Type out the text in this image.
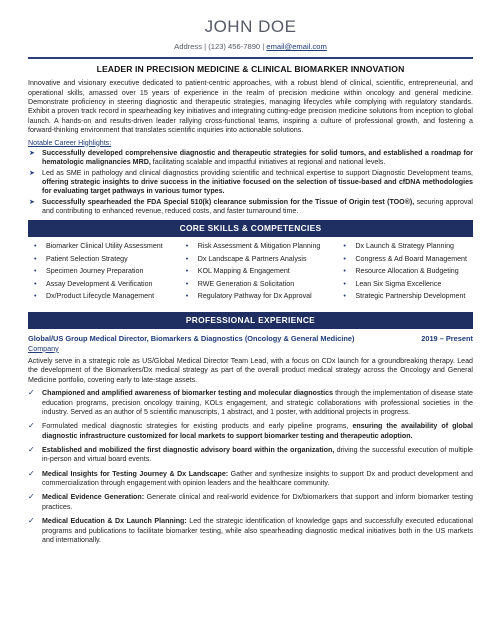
JOHN DOE
Address | (123) 456-7890 | email@email.com
LEADER IN PRECISION MEDICINE & CLINICAL BIOMARKER INNOVATION

Innovative and visionary executive dedicated to patient-centric approaches, with a robust blend of clinical, scientific, entrepreneurial, and operational skills, amassed over 15 years of experience in the realm of precision medicine within oncology and general medicine. Demonstrate proficiency in steering diagnostic and therapeutic strategies, managing lifecycles while complying with regulatory standards. Exhibit a proven track record in spearheading key initiatives and integrating cutting-edge precision medicine solutions from inception to global launch. A hands-on and results-driven leader rallying cross-functional teams, inspiring a culture of professional growth, and fostering a forward-thinking environment that translates scientific inquiries into actionable solutions.

Notable Career Highlights:
➤ Successfully developed comprehensive diagnostic and therapeutic strategies for solid tumors, and established a roadmap for hematologic malignancies MRD, facilitating scalable and impactful initiatives at regional and national levels.
➤ Led as SME in pathology and clinical diagnostics providing scientific and technical expertise to support Diagnostic Development teams, offering strategic insights to drive success in the initiative focused on the selection of tissue-based and cfDNA methodologies for evaluating target pathways in various tumor types.
➤ Successfully spearheaded the FDA Special 510(k) clearance submission for the Tissue of Origin test (TOO®), securing approval and contributing to enhanced revenue, reduced costs, and faster turnaround time.
CORE SKILLS & COMPETENCIES
• Biomarker Clinical Utility Assessment
• Patient Selection Strategy
• Specimen Journey Preparation
• Assay Development & Verification
• Dx/Product Lifecycle Management
• Risk Assessment & Mitigation Planning
• Dx Landscape & Partners Analysis
• KOL Mapping & Engagement
• RWE Generation & Solicitation
• Regulatory Pathway for Dx Approval
• Dx Launch & Strategy Planning
• Congress & Ad Board Management
• Resource Allocation & Budgeting
• Lean Six Sigma Excellence
• Strategic Partnership Development
PROFESSIONAL EXPERIENCE
Global/US Group Medical Director, Biomarkers & Diagnostics (Oncology & General Medicine)	2019 – Present
Company

Actively serve in a strategic role as US/Global Medical Director Team Lead, with a focus on CDx launch for a groundbreaking therapy. Lead the development of the Biomarkers/Dx medical strategy as part of the overall product medical strategy across the Oncology and General Medicine portfolio, covering early to late-stage assets.

✓ Championed and amplified awareness of biomarker testing and molecular diagnostics through the implementation of disease state education programs, precision oncology training, KOLs engagement, and strategic collaborations with professional societies in the industry. Served as an author of 5 scientific manuscripts, 1 abstract, and 1 poster, with additional projects in progress.
✓ Formulated medical diagnostic strategies for existing products and early pipeline programs, ensuring the availability of global diagnostic infrastructure customized for local markets to support biomarker testing and therapeutic adoption.
✓ Established and mobilized the first diagnostic advisory board within the organization, driving the successful execution of multiple in-person and virtual board events.
✓ Medical Insights for Testing Journey & Dx Landscape: Gather and synthesize insights to support Dx and product development and commercialization through engagement with opinion leaders and the healthcare community.
✓ Medical Evidence Generation: Generate clinical and real-world evidence for Dx/biomarkers that support and inform biomarker testing practices.
✓ Medical Education & Dx Launch Planning: Led the strategic identification of knowledge gaps and successfully executed educational programs and publications to facilitate biomarker testing, while also spearheading diagnostic medical initiatives both in the US markets and internationally.
